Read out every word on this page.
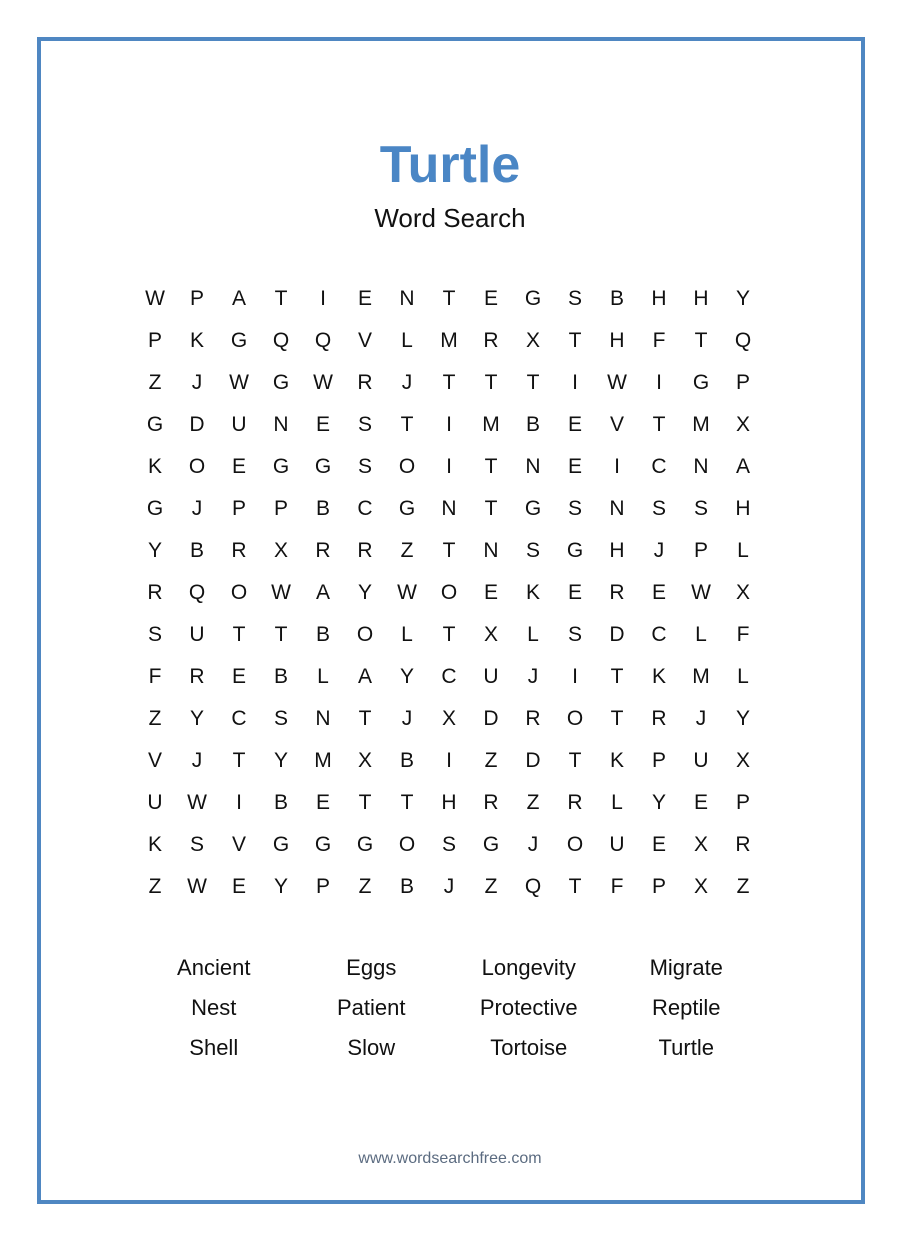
Turtle
Word Search
W	P	A	T	I	E	N	T	E	G	S	B	H	H	Y
P	K	G	Q	Q	V	L	M	R	X	T	H	F	T	Q
Z	J	W	G	W	R	J	T	T	T	I	W	I	G	P
G	D	U	N	E	S	T	I	M	B	E	V	T	M	X
K	O	E	G	G	S	O	I	T	N	E	I	C	N	A
G	J	P	P	B	C	G	N	T	G	S	N	S	S	H
Y	B	R	X	R	R	Z	T	N	S	G	H	J	P	L
R	Q	O	W	A	Y	W	O	E	K	E	R	E	W	X
S	U	T	T	B	O	L	T	X	L	S	D	C	L	F
F	R	E	B	L	A	Y	C	U	J	I	T	K	M	L
Z	Y	C	S	N	T	J	X	D	R	O	T	R	J	Y
V	J	T	Y	M	X	B	I	Z	D	T	K	P	U	X
U	W	I	B	E	T	T	H	R	Z	R	L	Y	E	P
K	S	V	G	G	G	O	S	G	J	O	U	E	X	R
Z	W	E	Y	P	Z	B	J	Z	Q	T	F	P	X	Z
Ancient	Eggs	Longevity	Migrate
Nest	Patient	Protective	Reptile
Shell	Slow	Tortoise	Turtle
www.wordsearchfree.com
